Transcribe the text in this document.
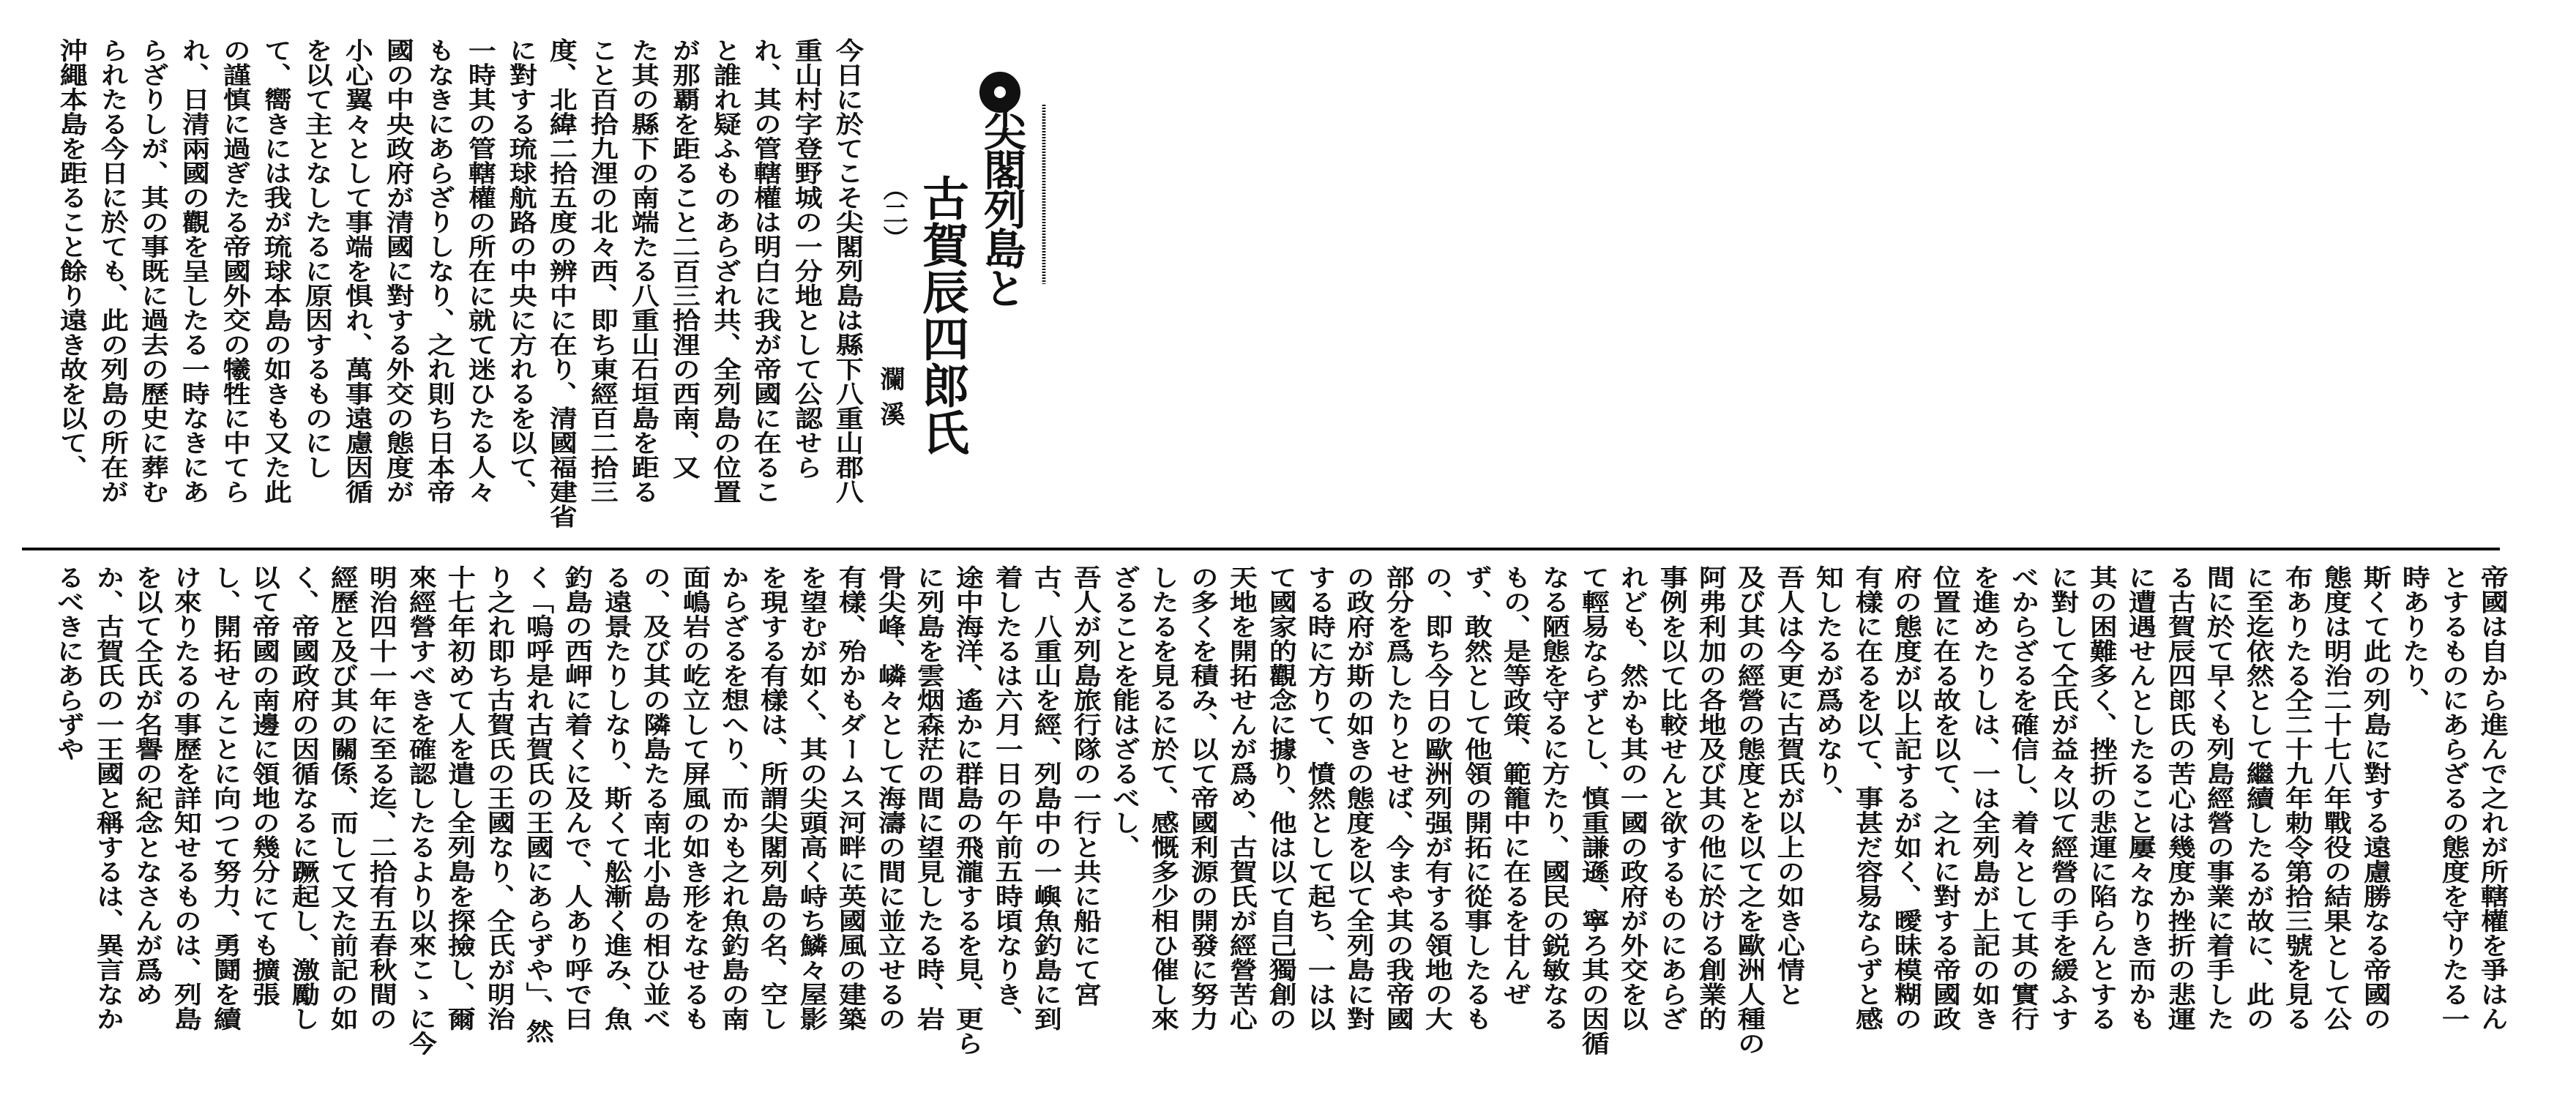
尖閣列島と
古賀辰四郎氏
（二）
瀾溪
今日に於てこそ尖閣列島は縣下八重山郡八
重山村字登野城の一分地として公認せら
れ、其の管轄權は明白に我が帝國に在るこ
と誰れ疑ふものあらざれ共、全列島の位置
が那覇を距ること二百三拾浬の西南、又
た其の縣下の南端たる八重山石垣島を距る
こと百拾九浬の北々西、即ち東經百二拾三
度、北緯二拾五度の辨中に在り、清國福建省
に對する琉球航路の中央に方れるを以て、
一時其の管轄權の所在に就て迷ひたる人々
もなきにあらざりしなり、之れ則ち日本帝
國の中央政府が清國に對する外交の態度が
小心翼々として事端を惧れ、萬事遠慮因循
を以て主となしたるに原因するものにし
て、嚮きには我が琉球本島の如きも又た此
の謹慎に過ぎたる帝國外交の犧牲に中てら
れ、日清兩國の觀を呈したる一時なきにあ
らざりしが、其の事既に過去の歷史に葬む
られたる今日に於ても、此の列島の所在が
沖繩本島を距ること餘り遠き故を以て、
帝國は自から進んで之れが所轄權を爭はん
とするものにあらざるの態度を守りたる一
時ありたり、
斯くて此の列島に對する遠慮勝なる帝國の
態度は明治二十七八年戰役の結果として公
布ありたる仝二十九年勅令第拾三號を見る
に至迄依然として繼續したるが故に、此の
間に於て早くも列島經營の事業に着手した
る古賀辰四郎氏の苦心は幾度か挫折の悲運
に遭遇せんとしたること屢々なりき而かも
其の困難多く、挫折の悲運に陷らんとする
に對して仝氏が益々以て經營の手を緩ふす
べからざるを確信し、着々として其の實行
を進めたりしは、一は全列島が上記の如き
位置に在る故を以て、之れに對する帝國政
府の態度が以上記するが如く、曖昧模糊の
有樣に在るを以て、事甚だ容易ならずと感
知したるが爲めなり、
吾人は今更に古賀氏が以上の如き心情と
及び其の經營の態度とを以て之を歐洲人種の
阿弗利加の各地及び其の他に於ける創業的
事例を以て比較せんと欲するものにあらざ
れども、然かも其の一國の政府が外交を以
て輕易ならずとし、慎重謙遜、寧ろ其の因循
なる陋態を守るに方たり、國民の鋭敏なる
もの、是等政策、範籠中に在るを甘んぜ
ず、敢然として他領の開拓に從事したるも
の、即ち今日の歐洲列强が有する領地の大
部分を爲したりとせば、今まや其の我帝國
の政府が斯の如きの態度を以て全列島に對
する時に方りて、憤然として起ち、一は以
て國家的觀念に據り、他は以て自己獨創の
天地を開拓せんが爲め、古賀氏が經營苦心
の多くを積み、以て帝國利源の開發に努力
したるを見るに於て、感慨多少相ひ催し來
ざることを能はざるべし、
吾人が列島旅行隊の一行と共に船にて宮
古、八重山を經、列島中の一嶼魚釣島に到
着したるは六月一日の午前五時頃なりき、
途中海洋、遙かに群島の飛瀧するを見、更ら
に列島を雲烟森茫の間に望見したる時、岩
骨尖峰、嶙々として海濤の間に並立せるの
有樣、殆かもダームス河畔に英國風の建築
を望むが如く、其の尖頭高く峙ち鱗々屋影
を現する有樣は、所謂尖閣列島の名、空し
からざるを想へり、而かも之れ魚釣島の南
面嶋岩の屹立して屏風の如き形をなせるも
の、及び其の隣島たる南北小島の相ひ並べ
る遠景たりしなり、斯くて舩漸く進み、魚
釣島の西岬に着くに及んで、人あり呼で曰
く「嗚呼是れ古賀氏の王國にあらずや」、然
り之れ即ち古賀氏の王國なり、仝氏が明治
十七年初めて人を遣し全列島を探撿し、爾
來經營すべきを確認したるより以來こゝに今
明治四十一年に至る迄、二拾有五春秋間の
經歷と及び其の關係、而して又た前記の如
く、帝國政府の因循なるに蹶起し、激勵し
以て帝國の南邊に領地の幾分にても擴張
し、開拓せんことに向つて努力、勇鬪を續
け來りたるの事歷を詳知せるものは、列島
を以て仝氏が名譽の紀念となさんが爲め
か、古賀氏の一王國と稱するは、異言なか
るべきにあらずや
